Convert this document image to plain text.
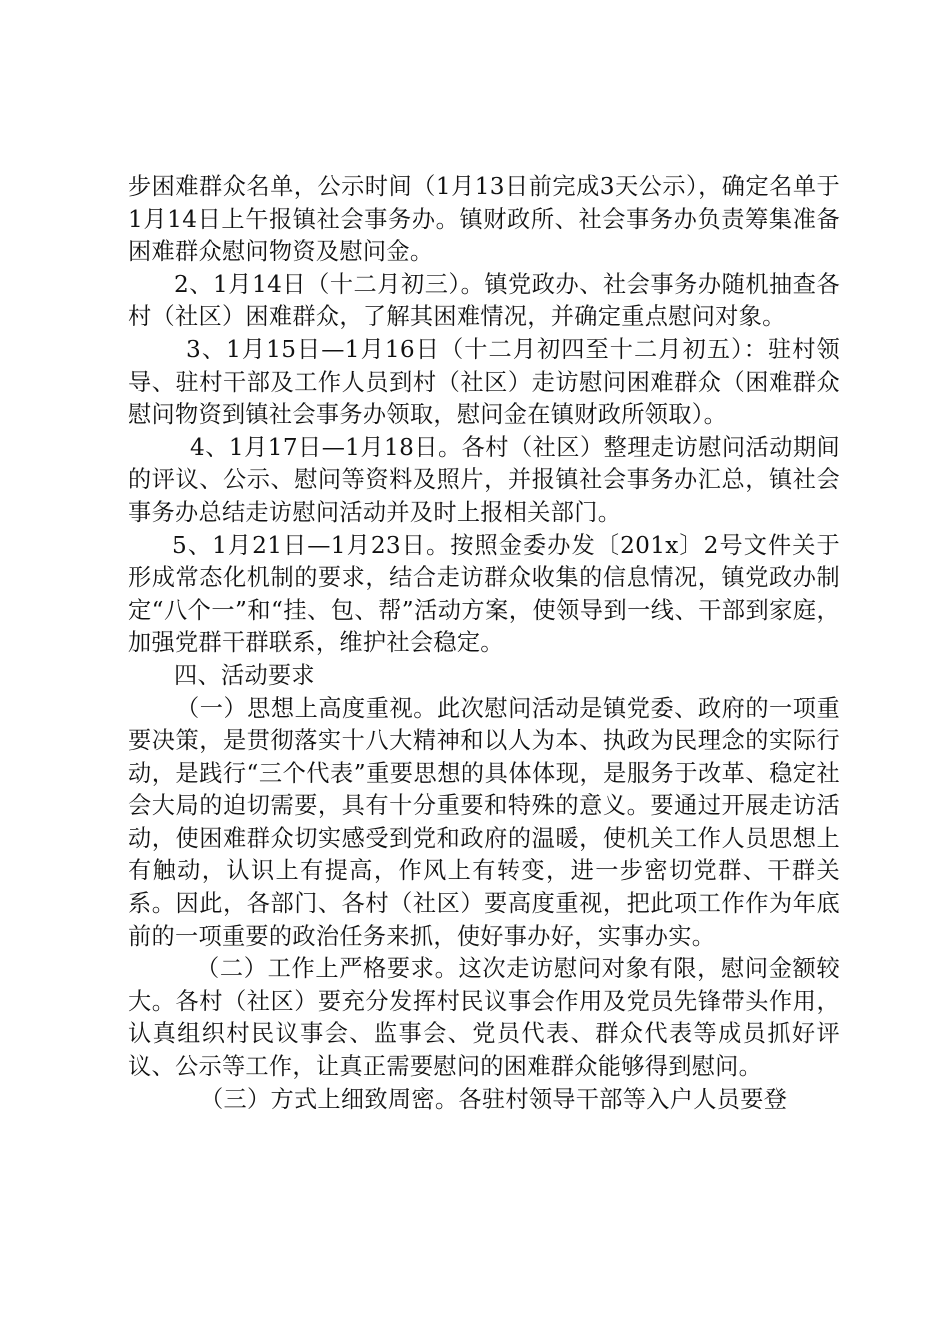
步困难群众名单，公示时间（1月13日前完成3天公示），确定名单于1月14日上午报镇社会事务办。镇财政所、社会事务办负责筹集准备困难群众慰问物资及慰问金。

2、1月14日（十二月初三）。镇党政办、社会事务办随机抽查各村（社区）困难群众，了解其困难情况，并确定重点慰问对象。

3、1月15日—1月16日（十二月初四至十二月初五）：驻村领导、驻村干部及工作人员到村（社区）走访慰问困难群众（困难群众慰问物资到镇社会事务办领取，慰问金在镇财政所领取）。

4、1月17日—1月18日。各村（社区）整理走访慰问活动期间的评议、公示、慰问等资料及照片，并报镇社会事务办汇总，镇社会事务办总结走访慰问活动并及时上报相关部门。

5、1月21日—1月23日。按照金委办发〔201x〕2号文件关于形成常态化机制的要求，结合走访群众收集的信息情况，镇党政办制定“八个一”和“挂、包、帮”活动方案，使领导到一线、干部到家庭，加强党群干群联系，维护社会稳定。

四、活动要求

（一）思想上高度重视。此次慰问活动是镇党委、政府的一项重要决策，是贯彻落实十八大精神和以人为本、执政为民理念的实际行动，是践行“三个代表”重要思想的具体体现，是服务于改革、稳定社会大局的迫切需要，具有十分重要和特殊的意义。要通过开展走访活动，使困难群众切实感受到党和政府的温暖，使机关工作人员思想上有触动，认识上有提高，作风上有转变，进一步密切党群、干群关系。因此，各部门、各村（社区）要高度重视，把此项工作作为年底前的一项重要的政治任务来抓，使好事办好，实事办实。

（二）工作上严格要求。这次走访慰问对象有限，慰问金额较大。各村（社区）要充分发挥村民议事会作用及党员先锋带头作用，认真组织村民议事会、监事会、党员代表、群众代表等成员抓好评议、公示等工作，让真正需要慰问的困难群众能够得到慰问。

（三）方式上细致周密。各驻村领导干部等入户人员要登
